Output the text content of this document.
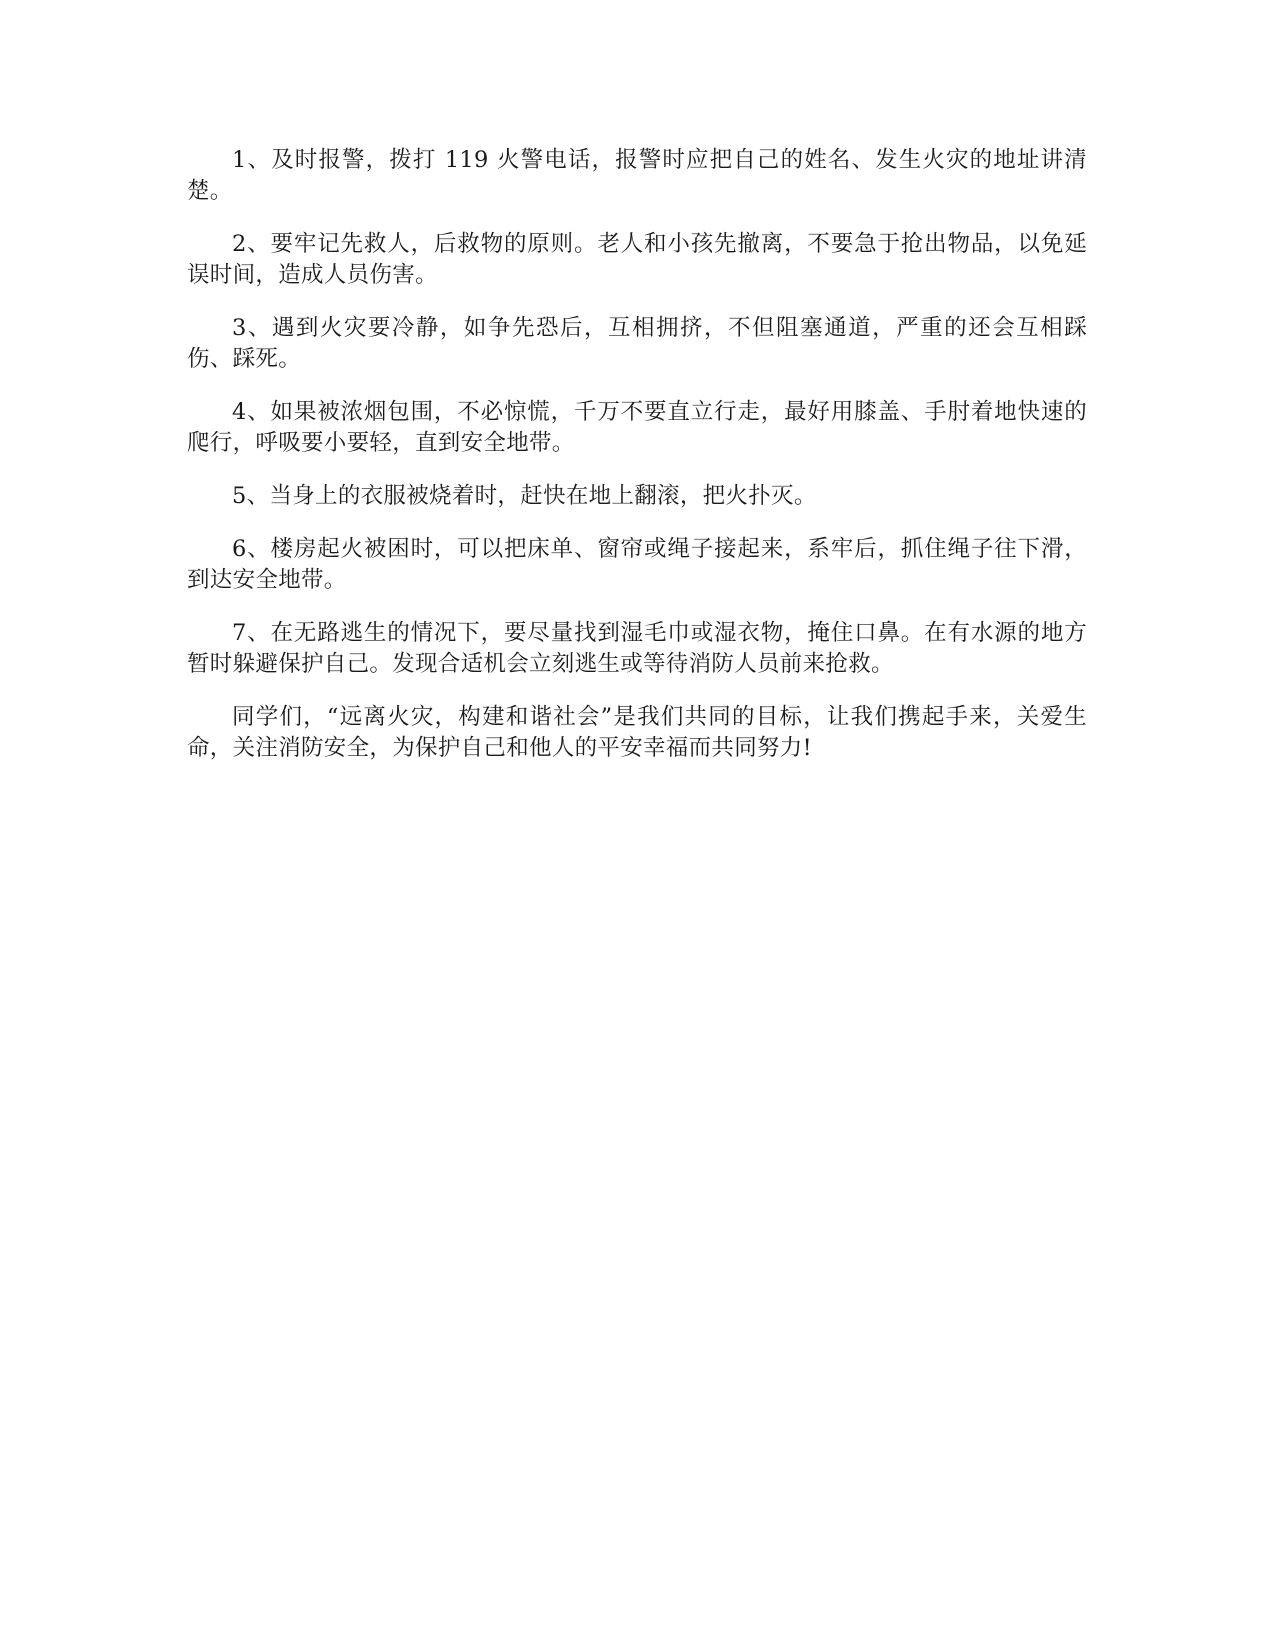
1、及时报警，拨打 119 火警电话，报警时应把自己的姓名、发生火灾的地址讲清楚。

2、要牢记先救人，后救物的原则。老人和小孩先撤离，不要急于抢出物品，以免延误时间，造成人员伤害。

3、遇到火灾要冷静，如争先恐后，互相拥挤，不但阻塞通道，严重的还会互相踩伤、踩死。

4、如果被浓烟包围，不必惊慌，千万不要直立行走，最好用膝盖、手肘着地快速的爬行，呼吸要小要轻，直到安全地带。

5、当身上的衣服被烧着时，赶快在地上翻滚，把火扑灭。

6、楼房起火被困时，可以把床单、窗帘或绳子接起来，系牢后，抓住绳子往下滑，到达安全地带。

7、在无路逃生的情况下，要尽量找到湿毛巾或湿衣物，掩住口鼻。在有水源的地方暂时躲避保护自己。发现合适机会立刻逃生或等待消防人员前来抢救。

同学们，“远离火灾，构建和谐社会”是我们共同的目标，让我们携起手来，关爱生命，关注消防安全，为保护自己和他人的平安幸福而共同努力!
